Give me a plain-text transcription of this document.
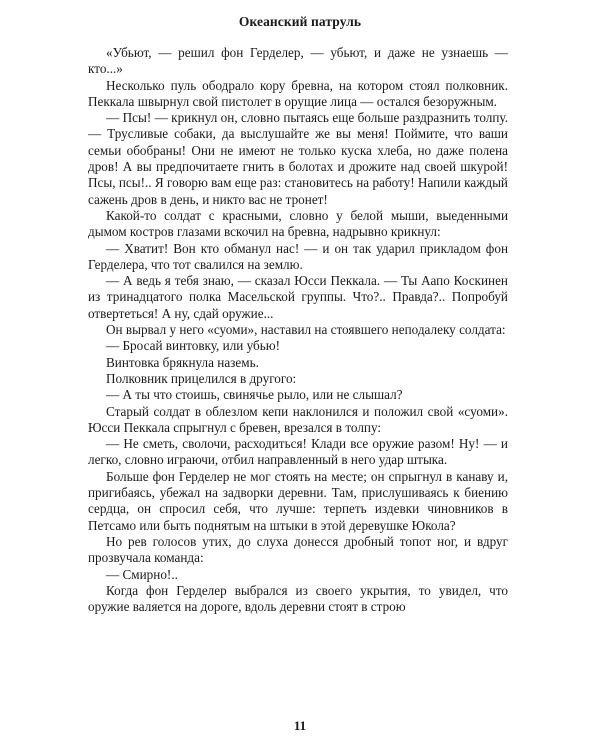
Океанский патруль

«Убьют, — решил фон Герделер, — убьют, и даже не узнаешь — кто...»

Несколько пуль ободрало кору бревна, на котором стоял полковник. Пеккала швырнул свой пистолет в орущие лица — остался безоружным.

— Псы! — крикнул он, словно пытаясь еще больше раздразнить толпу. — Трусливые собаки, да выслушайте же вы меня! Поймите, что ваши семьи обобраны! Они не имеют не только куска хлеба, но даже полена дров! А вы предпочитаете гнить в болотах и дрожите над своей шкурой! Псы, псы!.. Я говорю вам еще раз: становитесь на работу! Напили каждый сажень дров в день, и никто вас не тронет!

Какой-то солдат с красными, словно у белой мыши, выеденными дымом костров глазами вскочил на бревна, надрывно крикнул:

— Хватит! Вон кто обманул нас! — и он так ударил прикладом фон Герделера, что тот свалился на землю.

— А ведь я тебя знаю, — сказал Юсси Пеккала. — Ты Аапо Коскинен из тринадцатого полка Масельской группы. Что?.. Правда?.. Попробуй отвертеться! А ну, сдай оружие...

Он вырвал у него «суоми», наставил на стоявшего неподалеку солдата:

— Бросай винтовку, или убью!

Винтовка брякнула наземь.

Полковник прицелился в другого:

— А ты что стоишь, свинячье рыло, или не слышал?

Старый солдат в облезлом кепи наклонился и положил свой «суоми». Юсси Пеккала спрыгнул с бревен, врезался в толпу:

— Не сметь, сволочи, расходиться! Клади все оружие разом! Ну! — и легко, словно играючи, отбил направленный в него удар штыка.

Больше фон Герделер не мог стоять на месте; он спрыгнул в канаву и, пригибаясь, убежал на задворки деревни. Там, прислушиваясь к биению сердца, он спросил себя, что лучше: терпеть издевки чиновников в Петсамо или быть поднятым на штыки в этой деревушке Юкола?

Но рев голосов утих, до слуха донесся дробный топот ног, и вдруг прозвучала команда:

— Смирно!..

Когда фон Герделер выбрался из своего укрытия, то увидел, что оружие валяется на дороге, вдоль деревни стоят в строю

11
